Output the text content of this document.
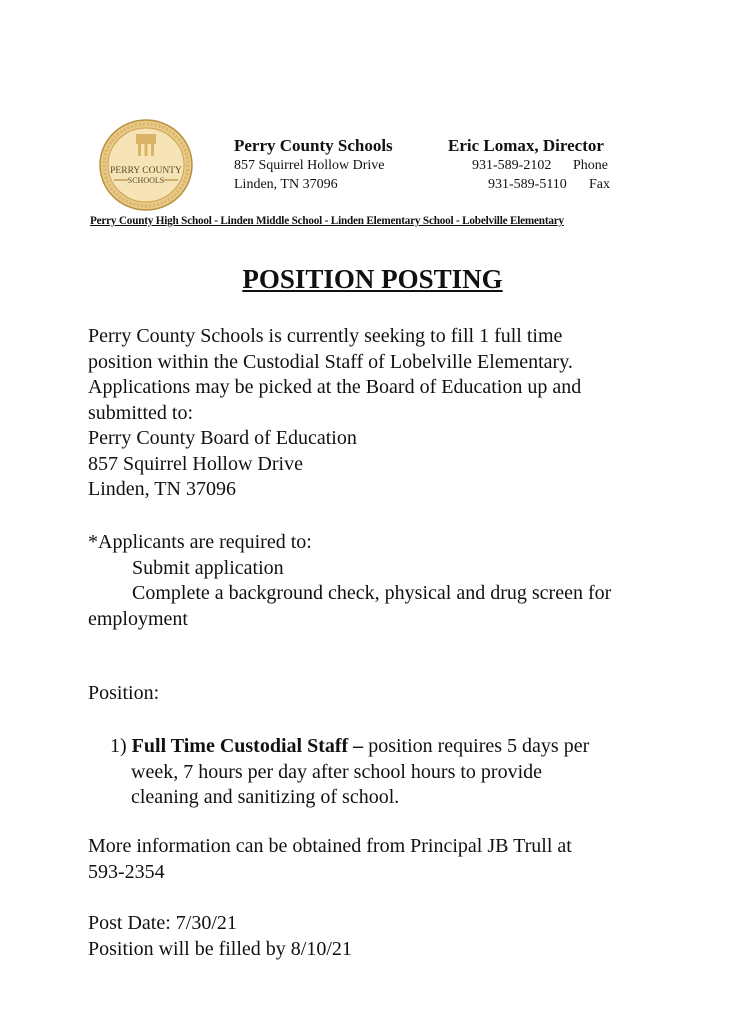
PERRY COUNTY
SCHOOLS
Perry County Schools
857 Squirrel Hollow Drive
Linden, TN 37096
Eric Lomax, Director
931-589-2102 Phone
931-589-5110 Fax
Perry County High School - Linden Middle School - Linden Elementary School - Lobelville Elementary
POSITION POSTING
Perry County Schools is currently seeking to fill 1 full time
position within the Custodial Staff of Lobelville Elementary.
Applications may be picked at the Board of Education up and
submitted to:
Perry County Board of Education
857 Squirrel Hollow Drive
Linden, TN 37096
*Applicants are required to:
Submit application
Complete a background check, physical and drug screen for
employment
Position:
1) Full Time Custodial Staff – position requires 5 days per
week, 7 hours per day after school hours to provide
cleaning and sanitizing of school.
More information can be obtained from Principal JB Trull at
593-2354
Post Date: 7/30/21
Position will be filled by 8/10/21
